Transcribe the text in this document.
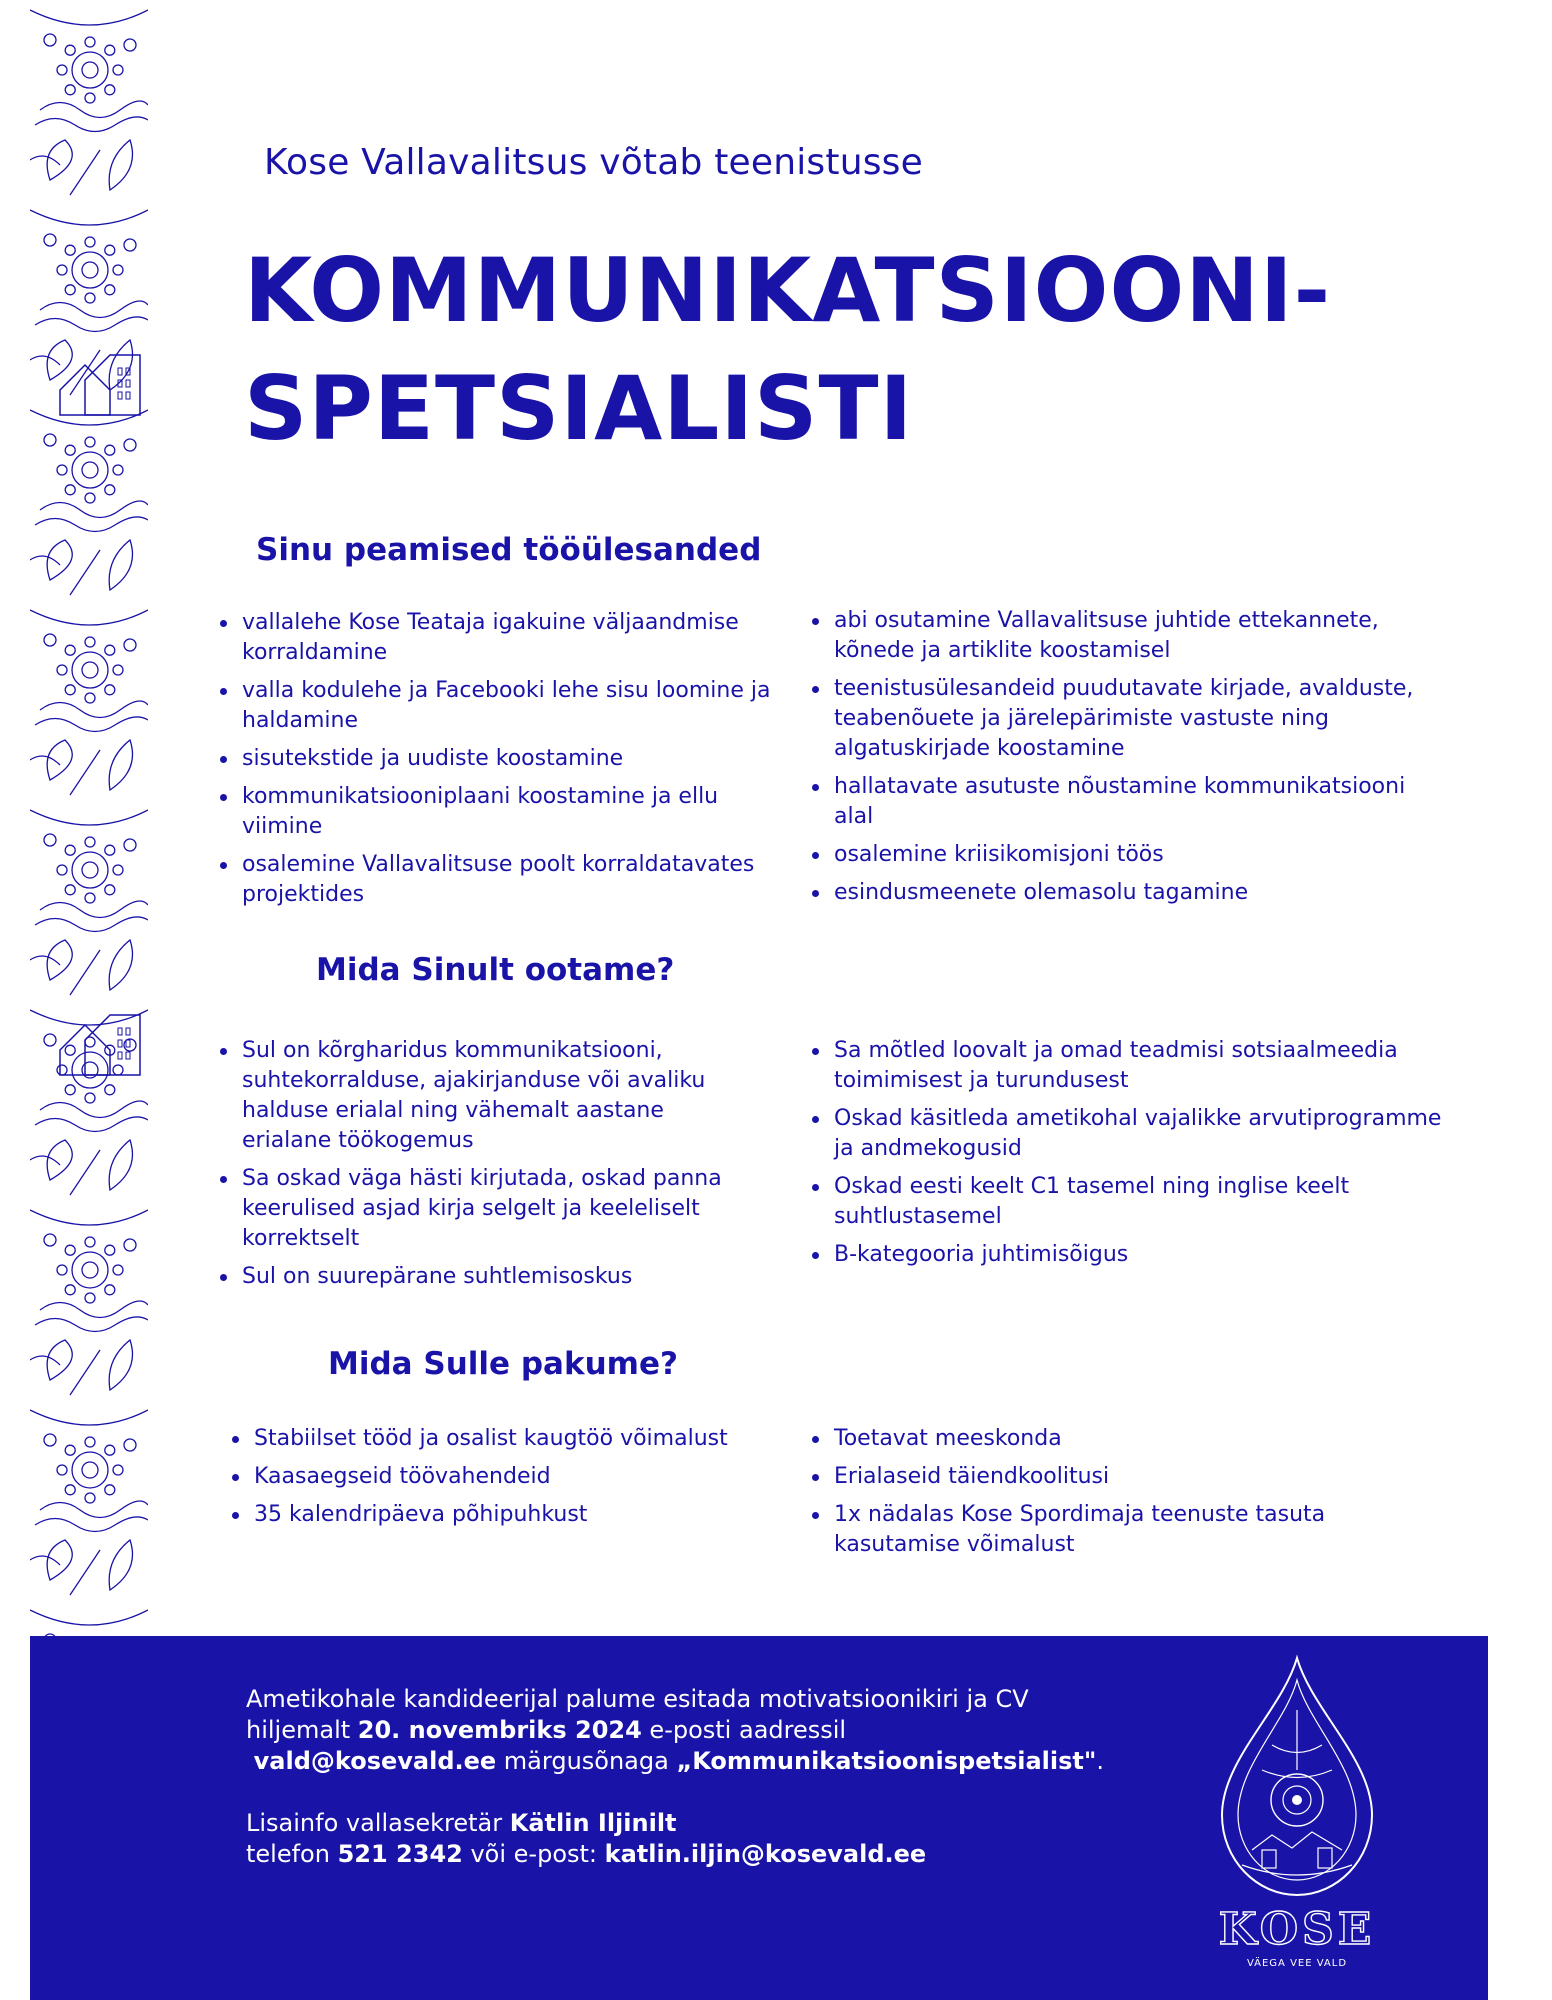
Kose Vallavalitsus võtab teenistusse
KOMMUNIKATSIOONI-
SPETSIALISTI
Sinu peamised tööülesanded
vallalehe Kose Teataja igakuine väljaandmise korraldamine
valla kodulehe ja Facebooki lehe sisu loomine ja haldamine
sisutekstide ja uudiste koostamine
kommunikatsiooniplaani koostamine ja ellu viimine
osalemine Vallavalitsuse poolt korraldatavates projektides
abi osutamine Vallavalitsuse juhtide ettekannete, kõnede ja artiklite koostamisel
teenistusülesandeid puudutavate kirjade, avalduste, teabenõuete ja järelepärimiste vastuste ning algatuskirjade koostamine
hallatavate asutuste nõustamine kommunikatsiooni alal
osalemine kriisikomisjoni töös
esindusmeenete olemasolu tagamine
Mida Sinult ootame?
Sul on kõrgharidus kommunikatsiooni, suhtekorralduse, ajakirjanduse või avaliku halduse erialal ning vähemalt aastane erialane töökogemus
Sa oskad väga hästi kirjutada, oskad panna keerulised asjad kirja selgelt ja keeleliselt korrektselt
Sul on suurepärane suhtlemisoskus
Sa mõtled loovalt ja omad teadmisi sotsiaalmeedia toimimisest ja turundusest
Oskad käsitleda ametikohal vajalikke arvutiprogramme ja andmekogusid
Oskad eesti keelt C1 tasemel ning inglise keelt suhtlustasemel
B-kategooria juhtimisõigus
Mida Sulle pakume?
Stabiilset tööd ja osalist kaugtöö võimalust
Kaasaegseid töövahendeid
35 kalendripäeva põhipuhkust
Toetavat meeskonda
Erialaseid täiendkoolitusi
1x nädalas Kose Spordimaja teenuste tasuta kasutamise võimalust
Ametikohale kandideerijal palume esitada motivatsioonikiri ja CV
hiljemalt 20. novembriks 2024 e-posti aadressil
vald@kosevald.ee märgusõnaga „Kommunikatsioonispetsialist".
Lisainfo vallasekretär Kätlin Iljinilt
telefon 521 2342 või e-post: katlin.iljin@kosevald.ee
KOSE
VÄEGA VEE VALD
